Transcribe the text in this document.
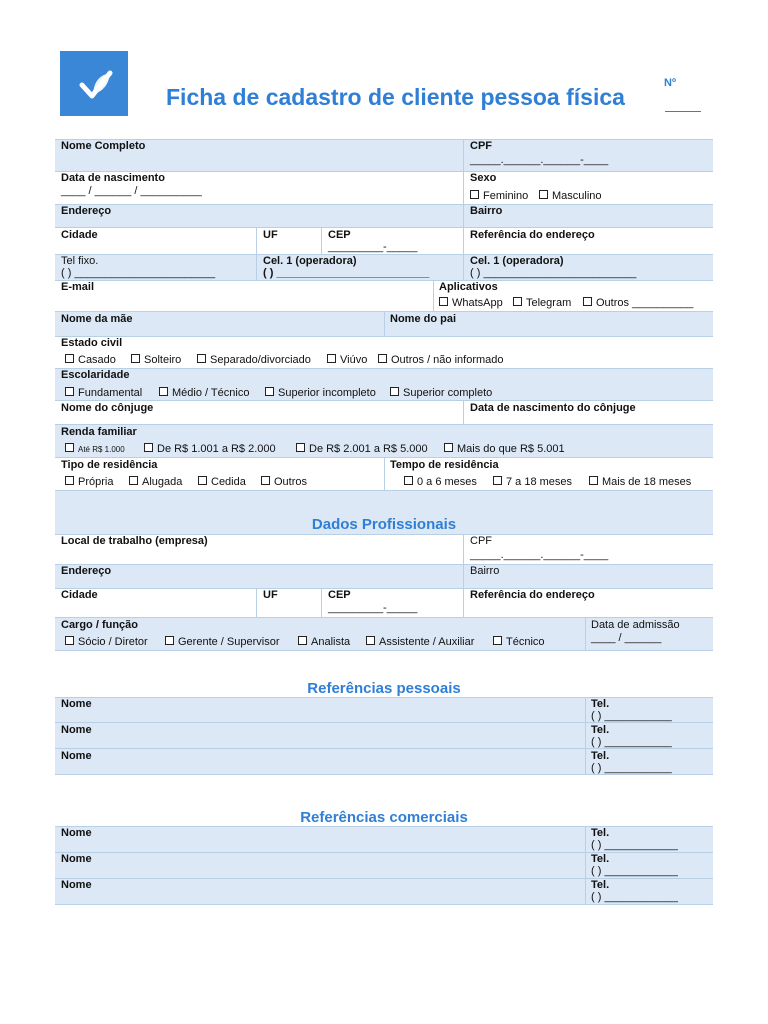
Ficha de cadastro de cliente pessoa física
Nº
Nome Completo	CPF
_____.______.______-____
Data de nascimento
____ / ______ / __________
Sexo
Feminino	Masculino
Endereço	Bairro
Cidade	UF	CEP
_________-_____
Referência do endereço
Tel fixo.
( ) _______________________
Cel. 1 (operadora)
( ) _________________________
Cel. 1 (operadora)
( ) _________________________
E-mail	Aplicativos
WhatsApp	Telegram	Outros __________
Nome da mãe	Nome do pai
Estado civil
Casado	Solteiro	Separado/divorciado	Viúvo	Outros / não informado
Escolaridade
Fundamental	Médio / Técnico	Superior incompleto	Superior completo
Nome do cônjuge	Data de nascimento do cônjuge
Renda familiar
Até R$ 1.000	De R$ 1.001 a R$ 2.000	De R$ 2.001 a R$ 5.000	Mais do que R$ 5.001
Tipo de residência
Própria	Alugada	Cedida	Outros
Tempo de residência
0 a 6 meses	7 a 18 meses	Mais de 18 meses
Dados Profissionais
Local de trabalho (empresa)	CPF
_____.______.______-____
Endereço	Bairro
Cidade	UF	CEP
_________-_____
Referência do endereço
Cargo / função
Sócio / Diretor	Gerente / Supervisor	Analista	Assistente / Auxiliar	Técnico
Data de admissão
____ / ______
Referências pessoais
Nome	Tel.
( ) ___________
Nome	Tel.
( ) ___________
Nome	Tel.
( ) ___________
Referências comerciais
Nome	Tel.
( ) ____________
Nome	Tel.
( ) ____________
Nome	Tel.
( ) ____________
